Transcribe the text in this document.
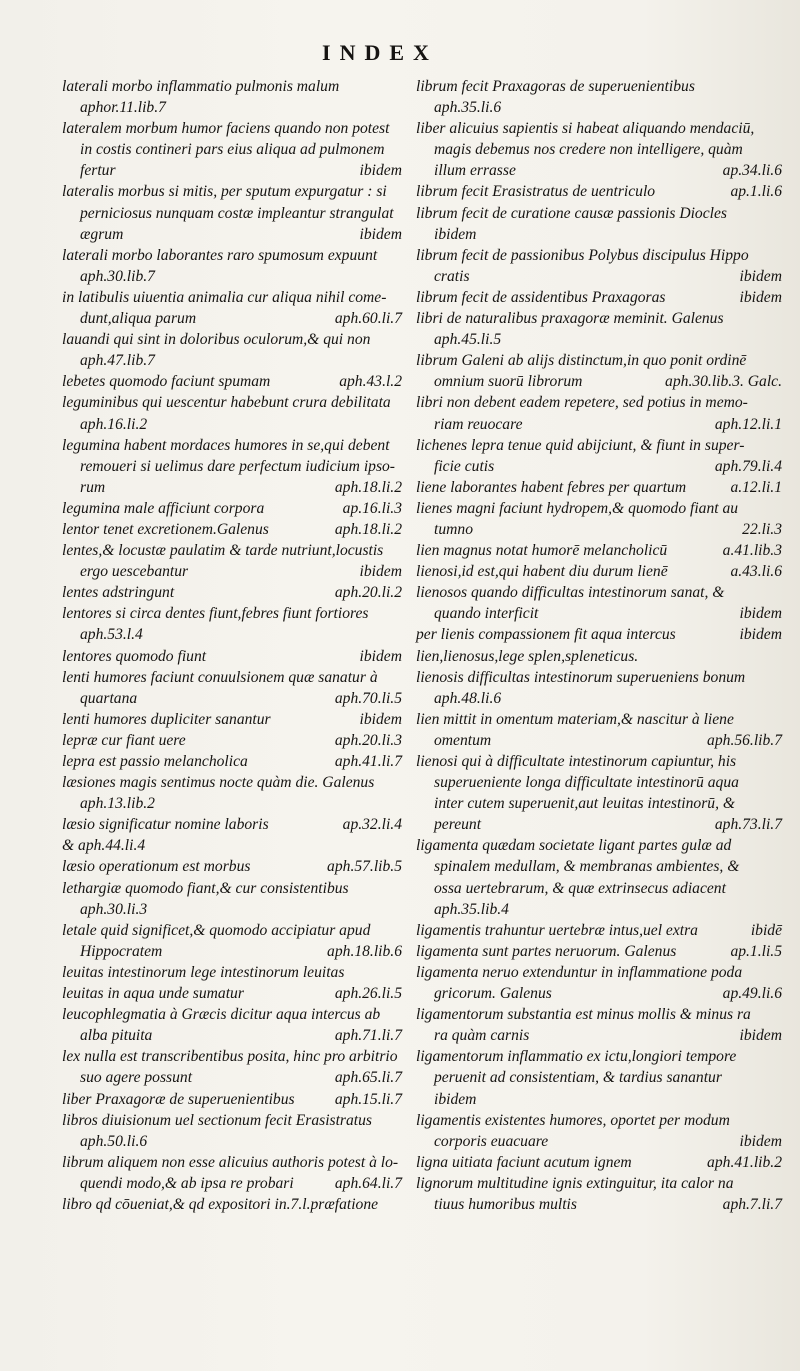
INDEX
laterali morbo inflammatio pulmonis malum
aphor.11.lib.7
lateralem morbum humor faciens quando non potest
in costis contineri pars eius aliqua ad pulmonem
fertur	ibidem
lateralis morbus si mitis, per sputum expurgatur : si
perniciosus nunquam costæ impleantur strangulat
ægrum	ibidem
laterali morbo laborantes raro spumosum expuunt
aph.30.lib.7
in latibulis uiuentia animalia cur aliqua nihil come-
dunt,aliqua parum	aph.60.li.7
lauandi qui sint in doloribus oculorum,& qui non
aph.47.lib.7
lebetes quomodo faciunt spumam	aph.43.l.2
leguminibus qui uescentur habebunt crura debilitata
aph.16.li.2
legumina habent mordaces humores in se,qui debent
remoueri si uelimus dare perfectum iudicium ipso-
rum	aph.18.li.2
legumina male afficiunt corpora	ap.16.li.3
lentor tenet excretionem.Galenus	aph.18.li.2
lentes,& locustæ paulatim & tarde nutriunt,locustis
ergo uescebantur	ibidem
lentes adstringunt	aph.20.li.2
lentores si circa dentes fiunt,febres fiunt fortiores
aph.53.l.4
lentores quomodo fiunt	ibidem
lenti humores faciunt conuulsionem quæ sanatur à
quartana	aph.70.li.5
lenti humores dupliciter sanantur	ibidem
lepræ cur fiant uere	aph.20.li.3
lepra est passio melancholica	aph.41.li.7
læsiones magis sentimus nocte quàm die. Galenus
aph.13.lib.2
læsio significatur nomine laboris	ap.32.li.4
& aph.44.li.4
læsio operationum est morbus	aph.57.lib.5
lethargiæ quomodo fiant,& cur consistentibus
aph.30.li.3
letale quid significet,& quomodo accipiatur apud
Hippocratem	aph.18.lib.6
leuitas intestinorum lege intestinorum leuitas
leuitas in aqua unde sumatur	aph.26.li.5
leucophlegmatia à Græcis dicitur aqua intercus ab
alba pituita	aph.71.li.7
lex nulla est transcribentibus posita, hinc pro arbitrio
suo agere possunt	aph.65.li.7
liber Praxagoræ de superuenientibus	aph.15.li.7
libros diuisionum uel sectionum fecit Erasistratus
aph.50.li.6
librum aliquem non esse alicuius authoris potest à lo-
quendi modo,& ab ipsa re probari	aph.64.li.7
libro qd cōueniat,& qd expositori in.7.l.præfatione
librum fecit Praxagoras de superuenientibus
aph.35.li.6
liber alicuius sapientis si habeat aliquando mendaciū,
magis debemus nos credere non intelligere, quàm
illum errasse	ap.34.li.6
librum fecit Erasistratus de uentriculo	ap.1.li.6
librum fecit de curatione causæ passionis Diocles
ibidem
librum fecit de passionibus Polybus discipulus Hippo
cratis	ibidem
librum fecit de assidentibus Praxagoras	ibidem
libri de naturalibus praxagoræ meminit. Galenus
aph.45.li.5
librum Galeni ab alijs distinctum,in quo ponit ordinē
omnium suorū librorum	aph.30.lib.3. Galc.
libri non debent eadem repetere, sed potius in memo-
riam reuocare	aph.12.li.1
lichenes lepra tenue quid abijciunt, & fiunt in super-
ficie cutis	aph.79.li.4
liene laborantes habent febres per quartum	a.12.li.1
lienes magni faciunt hydropem,& quomodo fiant au
tumno	22.li.3
lien magnus notat humorē melancholicū	a.41.lib.3
lienosi,id est,qui habent diu durum lienē	a.43.li.6
lienosos quando difficultas intestinorum sanat, &
quando interficit	ibidem
per lienis compassionem fit aqua intercus	ibidem
lien,lienosus,lege splen,spleneticus.
lienosis difficultas intestinorum superueniens bonum
aph.48.li.6
lien mittit in omentum materiam,& nascitur à liene
omentum	aph.56.lib.7
lienosi qui à difficultate intestinorum capiuntur, his
superueniente longa difficultate intestinorū aqua
inter cutem superuenit,aut leuitas intestinorū, &
pereunt	aph.73.li.7
ligamenta quædam societate ligant partes gulæ ad
spinalem medullam, & membranas ambientes, &
ossa uertebrarum, & quæ extrinsecus adiacent
aph.35.lib.4
ligamentis trahuntur uertebræ intus,uel extra	ibidē
ligamenta sunt partes neruorum. Galenus	ap.1.li.5
ligamenta neruo extenduntur in inflammatione poda
gricorum. Galenus	ap.49.li.6
ligamentorum substantia est minus mollis & minus ra
ra quàm carnis	ibidem
ligamentorum inflammatio ex ictu,longiori tempore
peruenit ad consistentiam, & tardius sanantur
ibidem
ligamentis existentes humores, oportet per modum
corporis euacuare	ibidem
ligna uitiata faciunt acutum ignem	aph.41.lib.2
lignorum multitudine ignis extinguitur, ita calor na
tiuus humoribus multis	aph.7.li.7
